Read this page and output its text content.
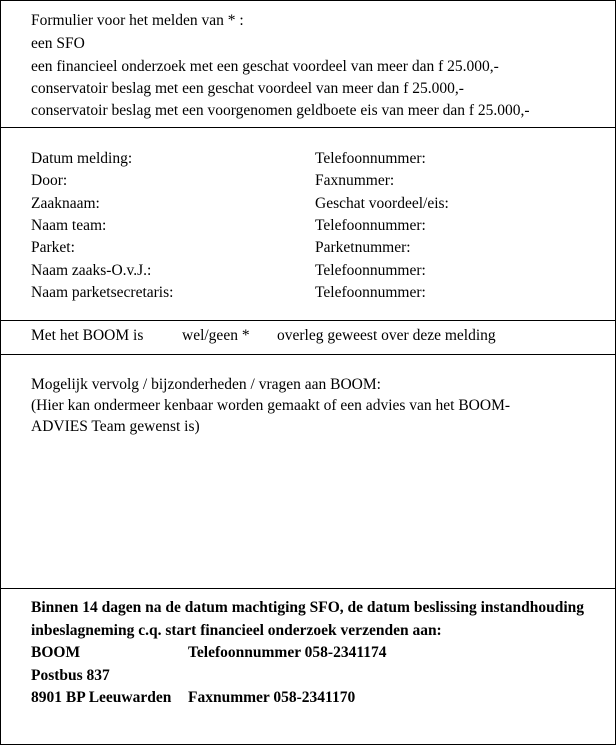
Formulier voor het melden van * :
een SFO
een financieel onderzoek met een geschat voordeel van meer dan f 25.000,-
conservatoir beslag met een geschat voordeel van meer dan f 25.000,-
conservatoir beslag met een voorgenomen geldboete eis van meer dan f 25.000,-
Datum melding:
Door:
Zaaknaam:
Naam team:
Parket:
Naam zaaks-O.v.J.:
Naam parketsecretaris:
Telefoonnummer:
Faxnummer:
Geschat voordeel/eis:
Telefoonnummer:
Parketnummer:
Telefoonnummer:
Telefoonnummer:
Met het BOOM is wel/geen * overleg geweest over deze melding
Mogelijk vervolg / bijzonderheden / vragen aan BOOM:
(Hier kan ondermeer kenbaar worden gemaakt of een advies van het BOOM-
ADVIES Team gewenst is)
Binnen 14 dagen na de datum machtiging SFO, de datum beslissing instandhouding
inbeslagneming c.q. start financieel onderzoek verzenden aan:
BOOM	Telefoonnummer 058-2341174
Postbus 837
8901 BP Leeuwarden Faxnummer 058-2341170
